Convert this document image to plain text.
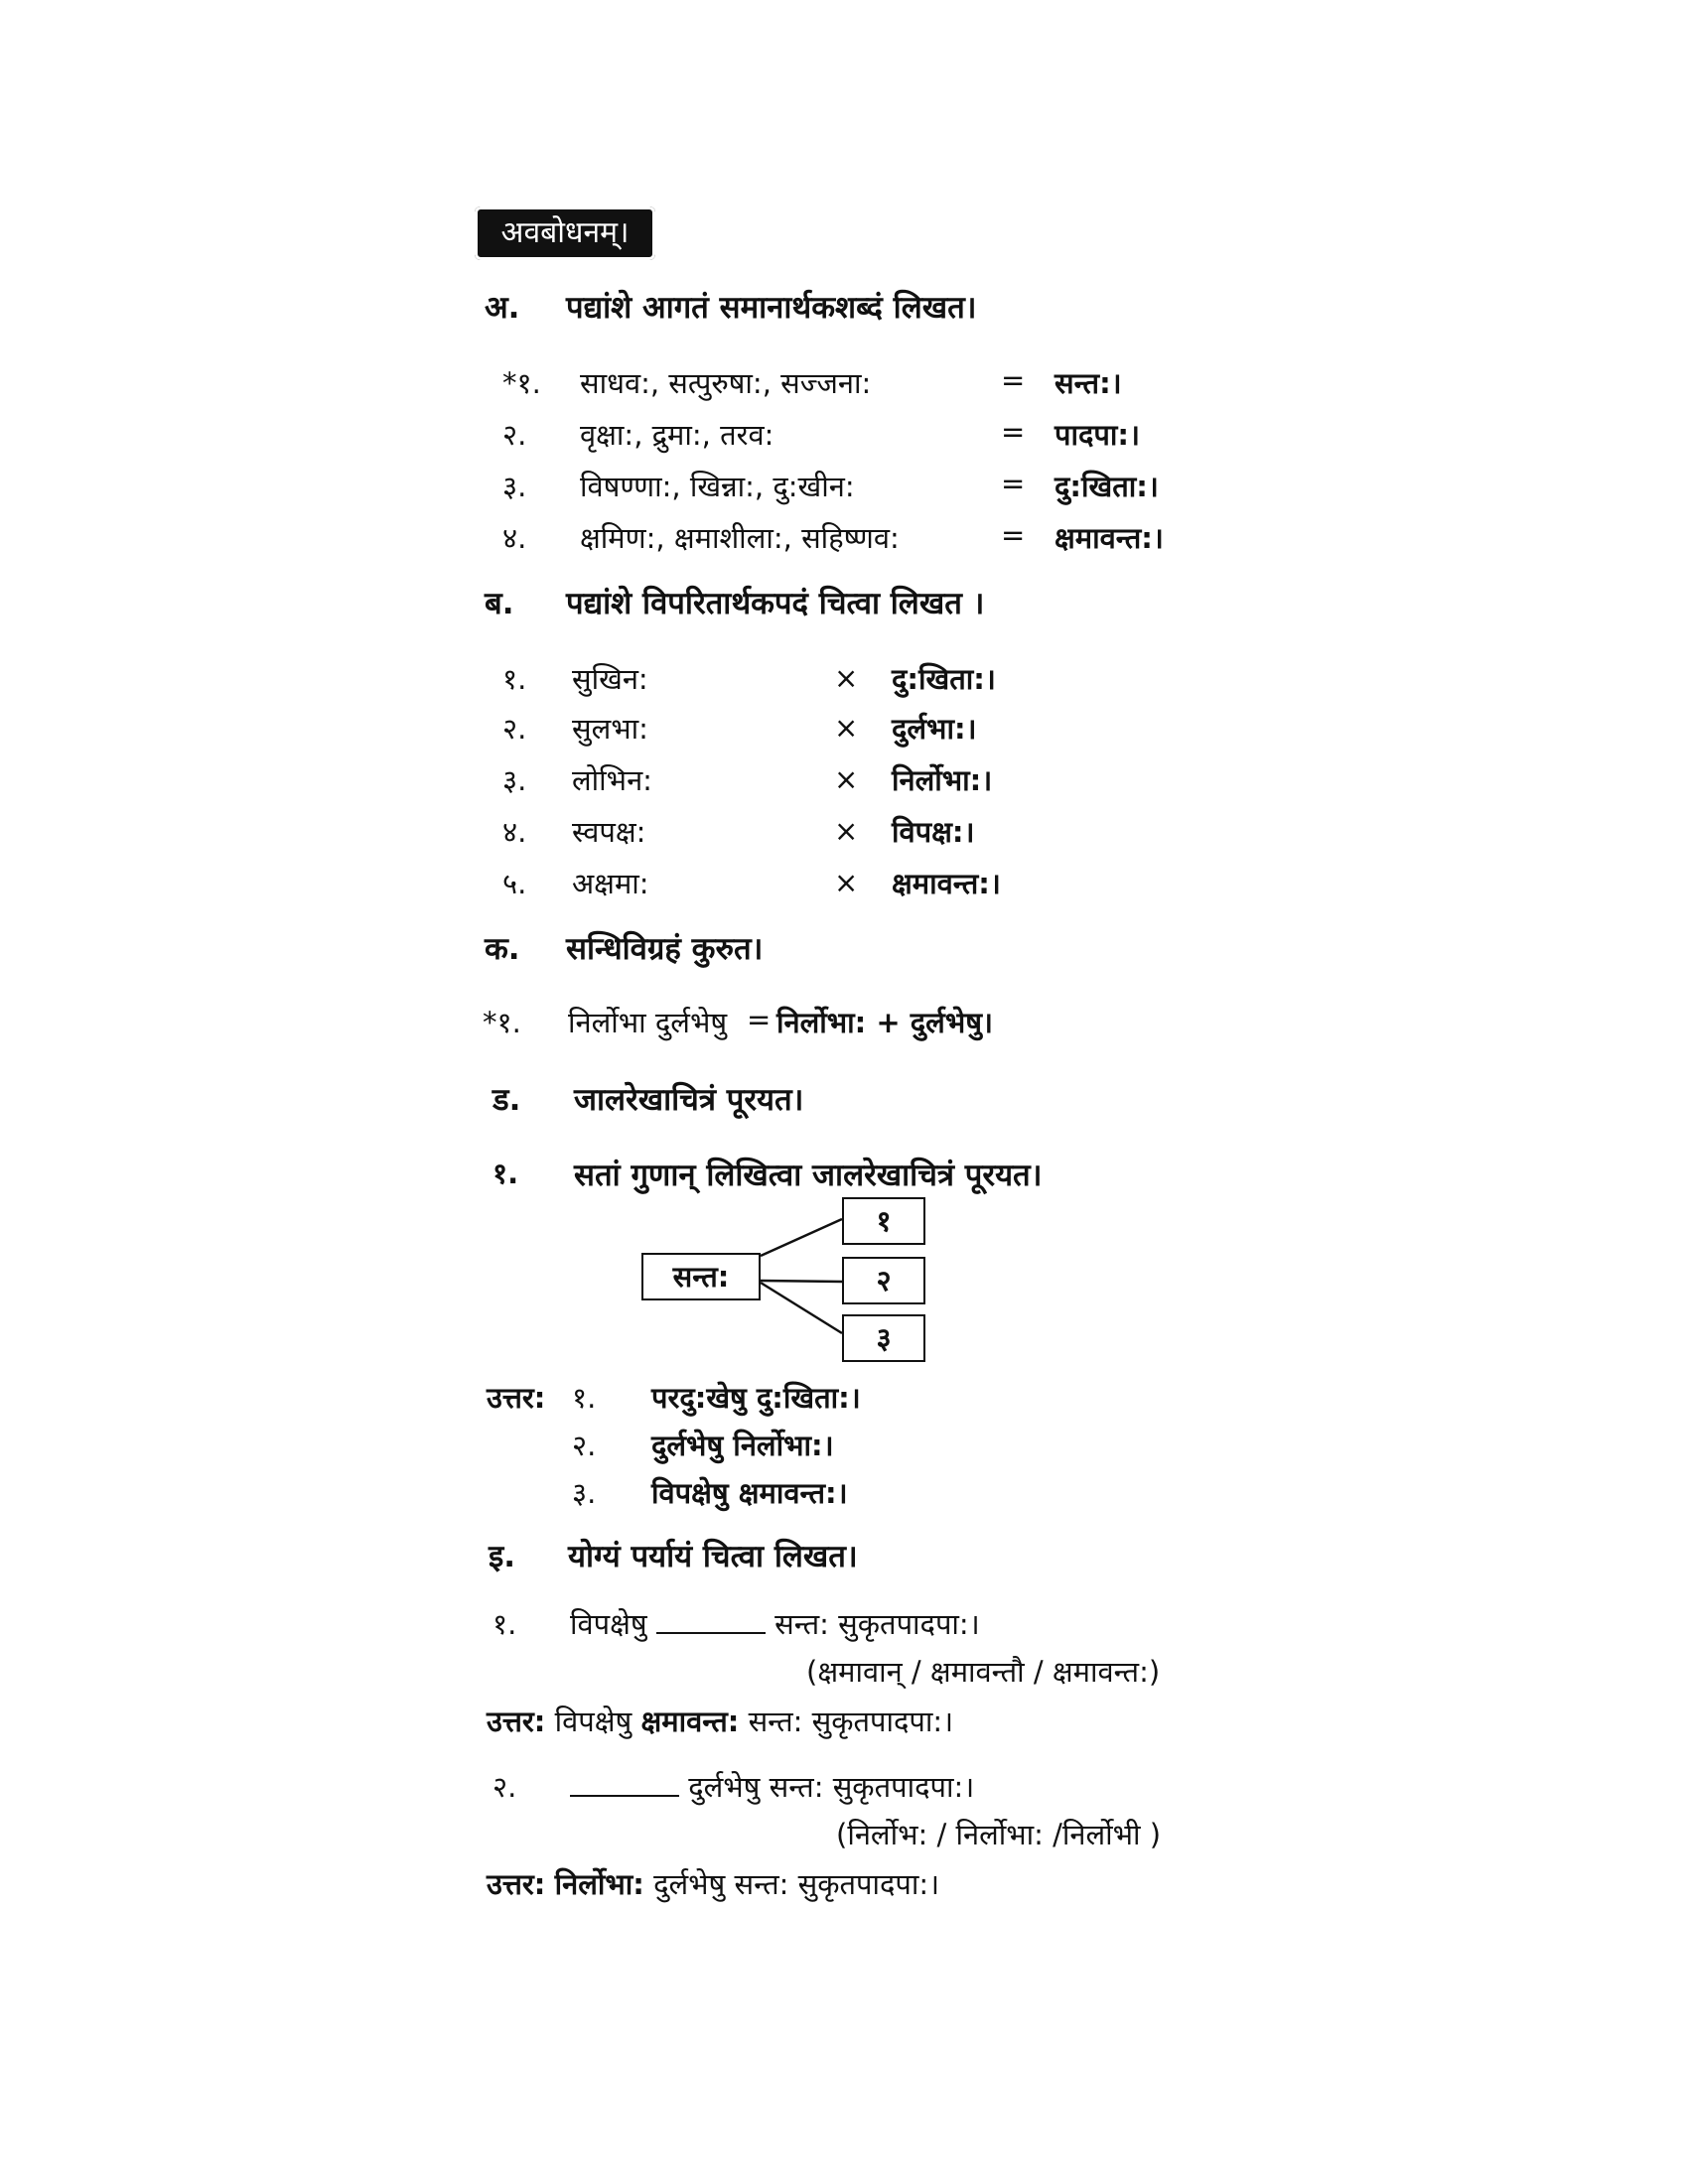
अवबोधनम्।
अ. पद्यांशे आगतं समानार्थकशब्दं लिखत।
*१. साधव:, सत्पुरुषा:, सज्जना:	= सन्त:।
२. वृक्षा:, द्रुमा:, तरव:	= पादपा:।
३. विषण्णा:, खिन्ना:, दु:खीन:	= दु:खिता:।
४. क्षमिण:, क्षमाशीला:, सहिष्णव:	= क्षमावन्त:।
ब. पद्यांशे विपरितार्थकपदं चित्वा लिखत ।
१. सुखिन:	× दु:खिता:।
२. सुलभा:	× दुर्लभा:।
३. लोभिन:	× निर्लोभा:।
४. स्वपक्ष:	× विपक्ष:।
५. अक्षमा:	× क्षमावन्त:।
क. सन्धिविग्रहं कुरुत।
*१. निर्लोभा दुर्लभेषु = निर्लोभा: + दुर्लभेषु।
ड. जालरेखाचित्रं पूरयत।
१. सतां गुणान् लिखित्वा जालरेखाचित्रं पूरयत।
सन्त:
१
२
३
उत्तर: १. परदु:खेषु दु:खिता:।
२. दुर्लभेषु निर्लोभा:।
३. विपक्षेषु क्षमावन्त:।
इ. योग्यं पर्यायं चित्वा लिखत।
१. विपक्षेषु	सन्त: सुकृतपादपा:।
(क्षमावान् / क्षमावन्तौ / क्षमावन्त:)
उत्तर: विपक्षेषु क्षमावन्त: सन्त: सुकृतपादपा:।
२.	दुर्लभेषु सन्त: सुकृतपादपा:।
(निर्लोभ: / निर्लोभा: /निर्लोभी )
उत्तर: निर्लोभा: दुर्लभेषु सन्त: सुकृतपादपा:।
